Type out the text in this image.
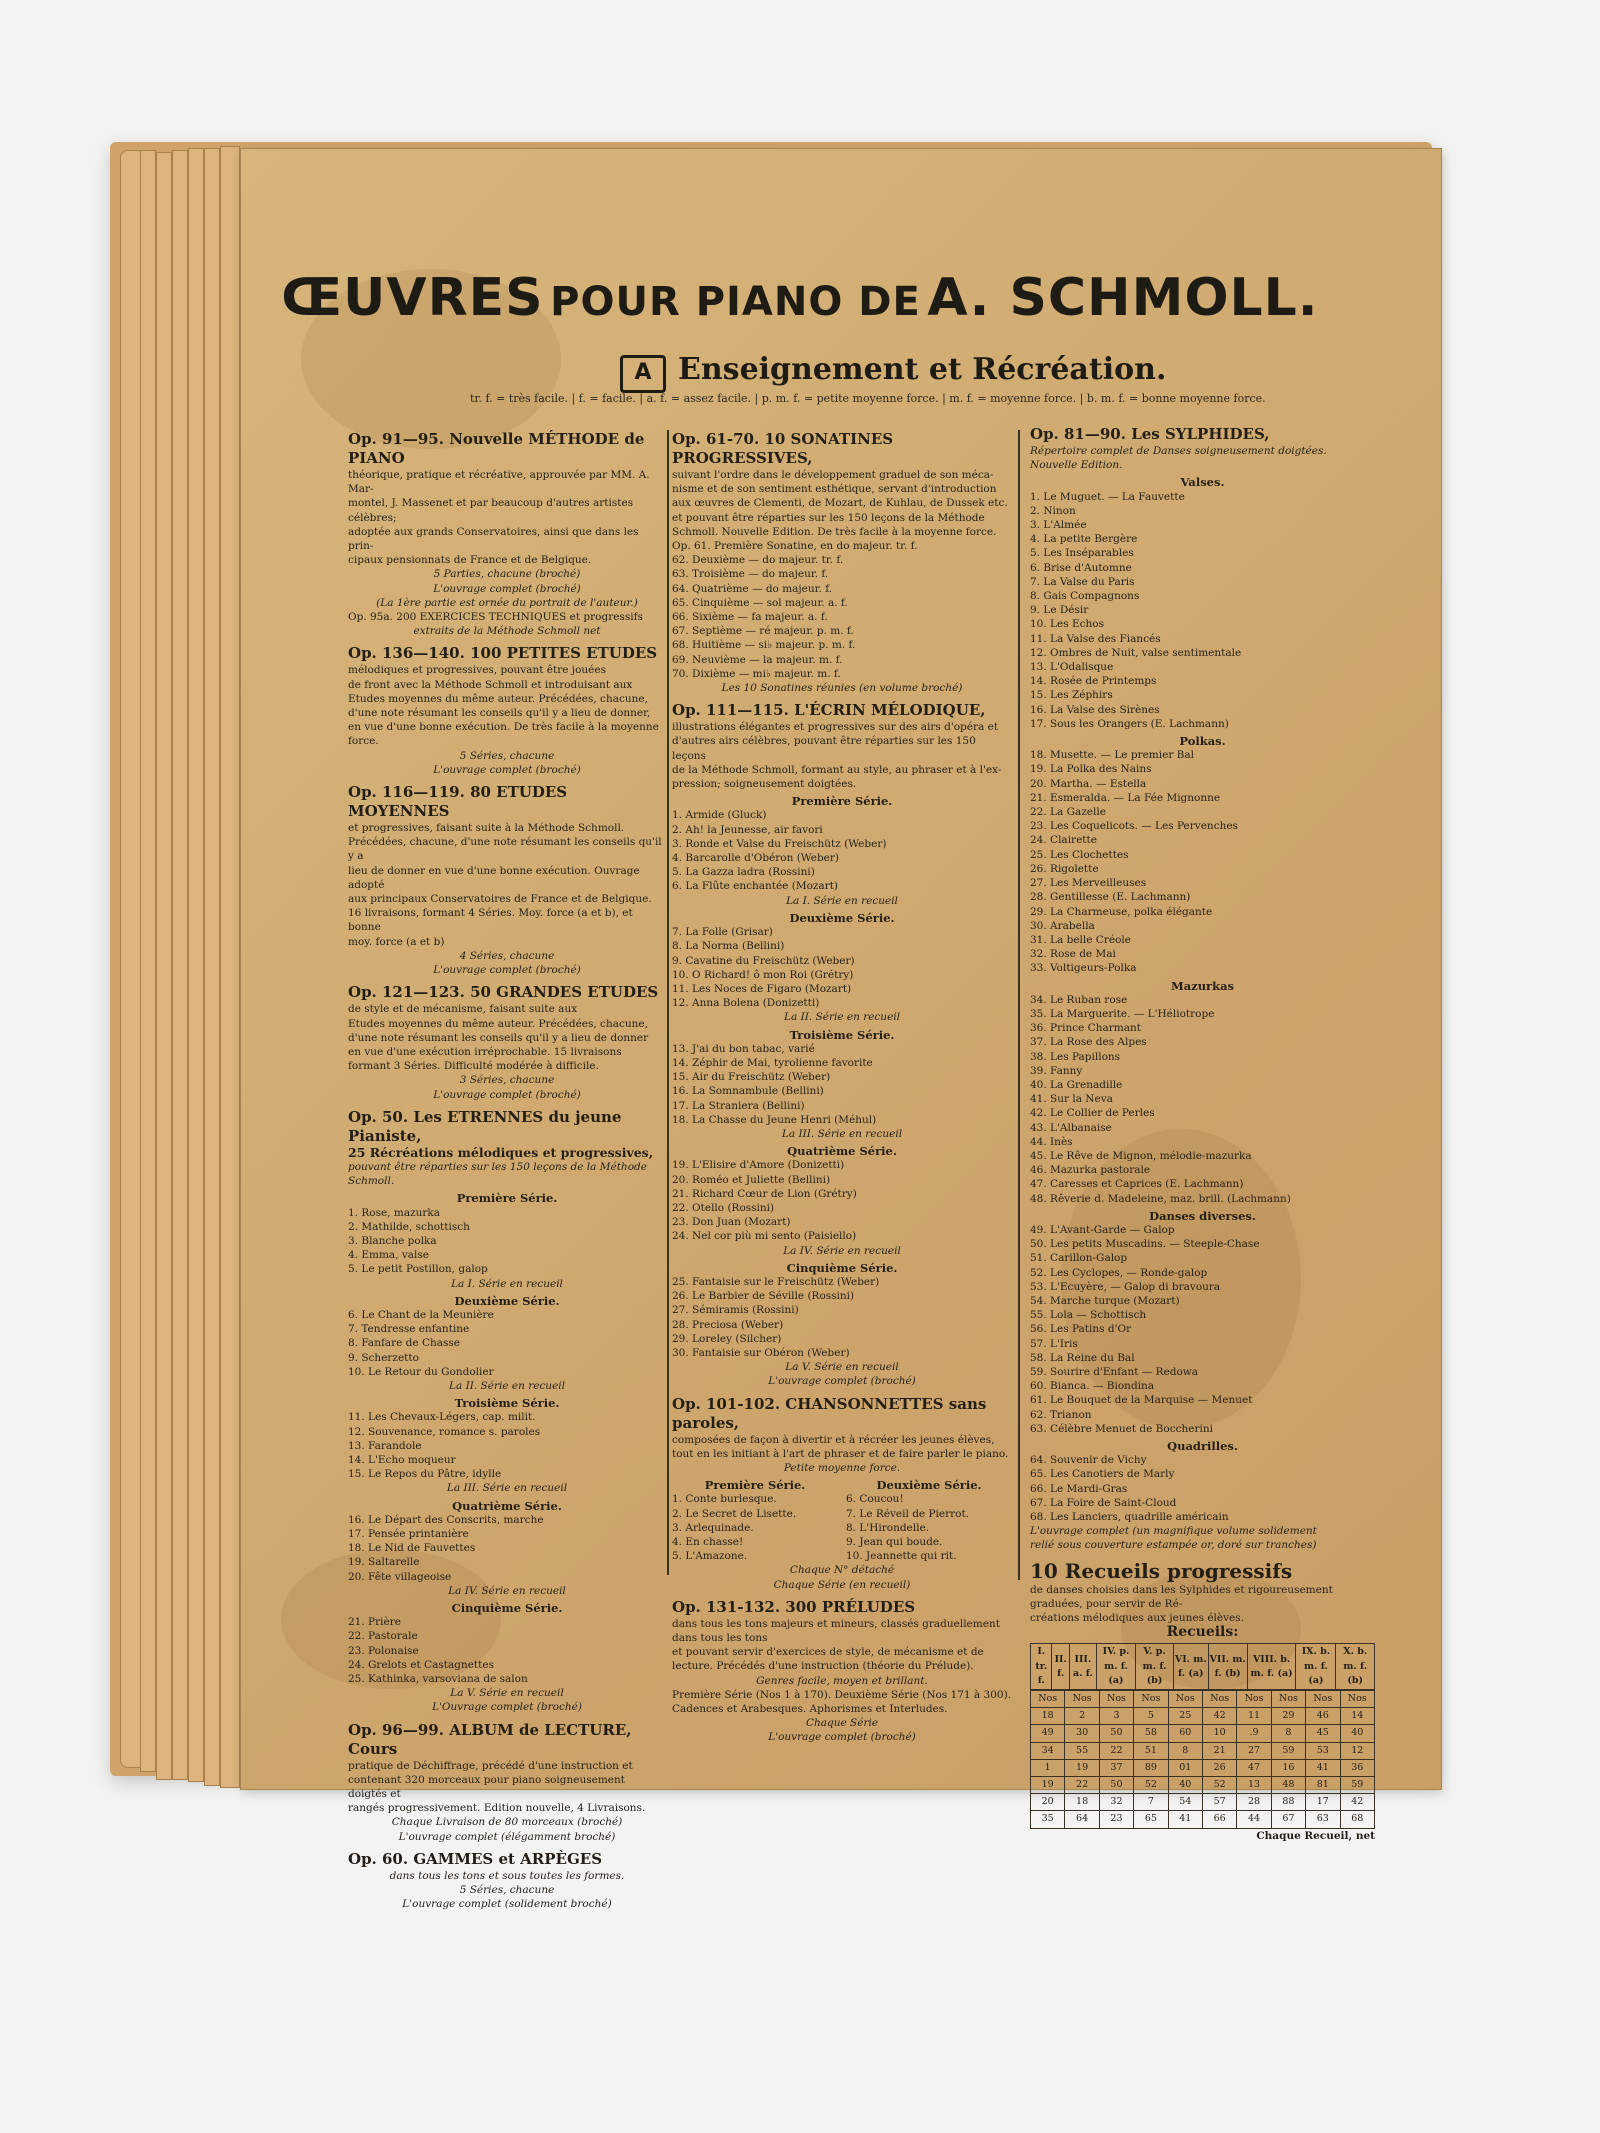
ŒUVRES POUR PIANO DE A. SCHMOLL.
A Enseignement et Récréation.
tr. f. = très facile. | f. = facile. | a. f. = assez facile. | p. m. f. = petite moyenne force. | m. f. = moyenne force. | b. m. f. = bonne moyenne force.

Op. 91—95. Nouvelle MÉTHODE de PIANO

théorique, pratique et récréative, approuvée par MM. A. Mar-

montel, J. Massenet et par beaucoup d'autres artistes célèbres;

adoptée aux grands Conservatoires, ainsi que dans les prin-

cipaux pensionnats de France et de Belgique.

5 Parties, chacune (broché)

L'ouvrage complet (broché)

(La 1ère partie est ornée du portrait de l'auteur.)

Op. 95a. 200 EXERCICES TECHNIQUES et progressifs

extraits de la Méthode Schmoll net

Op. 136—140. 100 PETITES ETUDES

mélodiques et progressives, pouvant être jouées

de front avec la Méthode Schmoll et introduisant aux

Etudes moyennes du même auteur. Précédées, chacune,

d'une note résumant les conseils qu'il y a lieu de donner,

en vue d'une bonne exécution. De très facile à la moyenne

force.

5 Séries, chacune

L'ouvrage complet (broché)

Op. 116—119. 80 ETUDES MOYENNES

et progressives, faisant suite à la Méthode Schmoll.

Précédées, chacune, d'une note résumant les conseils qu'il y a

lieu de donner en vue d'une bonne exécution. Ouvrage adopté

aux principaux Conservatoires de France et de Belgique.

16 livraisons, formant 4 Séries. Moy. force (a et b), et bonne

moy. force (a et b)

4 Séries, chacune

L'ouvrage complet (broché)

Op. 121—123. 50 GRANDES ETUDES

de style et de mécanisme, faisant suite aux

Etudes moyennes du même auteur. Précédées, chacune,

d'une note résumant les conseils qu'il y a lieu de donner

en vue d'une exécution irréprochable. 15 livraisons

formant 3 Séries. Difficulté modérée à difficile.

3 Séries, chacune

L'ouvrage complet (broché)

Op. 50. Les ETRENNES du jeune Pianiste,

25 Récréations mélodiques et progressives,

pouvant être réparties sur les 150 leçons de la Méthode Schmoll.

Première Série.

1. Rose, mazurka

2. Mathilde, schottisch

3. Blanche polka

4. Emma, valse

5. Le petit Postillon, galop

La I. Série en recueil

Deuxième Série.

6. Le Chant de la Meunière

7. Tendresse enfantine

8. Fanfare de Chasse

9. Scherzetto

10. Le Retour du Gondolier

La II. Série en recueil

Troisième Série.

11. Les Chevaux-Légers, cap. milit.

12. Souvenance, romance s. paroles

13. Farandole

14. L'Echo moqueur

15. Le Repos du Pâtre, idylle

La III. Série en recueil

Quatrième Série.

16. Le Départ des Conscrits, marche

17. Pensée printanière

18. Le Nid de Fauvettes

19. Saltarelle

20. Fête villageoise

La IV. Série en recueil

Cinquième Série.

21. Prière

22. Pastorale

23. Polonaise

24. Grelots et Castagnettes

25. Kathinka, varsoviana de salon

La V. Série en recueil

L'Ouvrage complet (broché)

Op. 96—99. ALBUM de LECTURE, Cours

pratique de Déchiffrage, précédé d'une instruction et

contenant 320 morceaux pour piano soigneusement doigtés et

rangés progressivement. Edition nouvelle, 4 Livraisons.

Chaque Livraison de 80 morceaux (broché)

L'ouvrage complet (élégamment broché)

Op. 60. GAMMES et ARPÈGES

dans tous les tons et sous toutes les formes.

5 Séries, chacune

L'ouvrage complet (solidement broché)

Op. 61-70. 10 SONATINES PROGRESSIVES,

suivant l'ordre dans le développement graduel de son méca-

nisme et de son sentiment esthétique, servant d'introduction

aux œuvres de Clementi, de Mozart, de Kuhlau, de Dussek etc.

et pouvant être réparties sur les 150 leçons de la Méthode

Schmoll. Nouvelle Edition. De très facile à la moyenne force.

Op. 61. Première Sonatine, en do majeur. tr. f.

62. Deuxième — do majeur. tr. f.

63. Troisième — do majeur. f.

64. Quatrième — do majeur. f.

65. Cinquième — sol majeur. a. f.

66. Sixième — fa majeur. a. f.

67. Septième — ré majeur. p. m. f.

68. Huitième — si♭ majeur. p. m. f.

69. Neuvième — la majeur. m. f.

70. Dixième — mi♭ majeur. m. f.

Les 10 Sonatines réunies (en volume broché)

Op. 111—115. L'ÉCRIN MÉLODIQUE,

illustrations élégantes et progressives sur des airs d'opéra et

d'autres airs célèbres, pouvant être réparties sur les 150 leçons

de la Méthode Schmoll, formant au style, au phraser et à l'ex-

pression; soigneusement doigtées.

Première Série.

1. Armide (Gluck)

2. Ah! la Jeunesse, air favori

3. Ronde et Valse du Freischütz (Weber)

4. Barcarolle d'Obéron (Weber)

5. La Gazza ladra (Rossini)

6. La Flûte enchantée (Mozart)

La I. Série en recueil

Deuxième Série.

7. La Folle (Grisar)

8. La Norma (Bellini)

9. Cavatine du Freischütz (Weber)

10. O Richard! ô mon Roi (Grétry)

11. Les Noces de Figaro (Mozart)

12. Anna Bolena (Donizetti)

La II. Série en recueil

Troisième Série.

13. J'ai du bon tabac, varié

14. Zéphir de Mai, tyrolienne favorite

15. Air du Freischütz (Weber)

16. La Somnambule (Bellini)

17. La Straniera (Bellini)

18. La Chasse du Jeune Henri (Méhul)

La III. Série en recueil

Quatrième Série.

19. L'Elisire d'Amore (Donizetti)

20. Roméo et Juliette (Bellini)

21. Richard Cœur de Lion (Grétry)

22. Otello (Rossini)

23. Don Juan (Mozart)

24. Nel cor più mi sento (Paisiello)

La IV. Série en recueil

Cinquième Série.

25. Fantaisie sur le Freischütz (Weber)

26. Le Barbier de Séville (Rossini)

27. Sémiramis (Rossini)

28. Preciosa (Weber)

29. Loreley (Silcher)

30. Fantaisie sur Obéron (Weber)

La V. Série en recueil

L'ouvrage complet (broché)

Op. 101-102. CHANSONNETTES sans paroles,

composées de façon à divertir et à récréer les jeunes élèves,

tout en les initiant à l'art de phraser et de faire parler le piano.

Petite moyenne force.

Première Série.

1. Conte burlesque.

2. Le Secret de Lisette.

3. Arlequinade.

4. En chasse!

5. L'Amazone.

Deuxième Série.

6. Coucou!

7. Le Réveil de Pierrot.

8. L'Hirondelle.

9. Jean qui boude.

10. Jeannette qui rit.

Chaque N° détaché

Chaque Série (en recueil)

Op. 131-132. 300 PRÉLUDES

dans tous les tons majeurs et mineurs, classés graduellement dans tous les tons

et pouvant servir d'exercices de style, de mécanisme et de

lecture. Précédés d'une instruction (théorie du Prélude).

Genres facile, moyen et brillant.

Première Série (Nos 1 à 170). Deuxième Série (Nos 171 à 300).

Cadences et Arabesques. Aphorismes et Interludes.

Chaque Série

L'ouvrage complet (broché)

Op. 81—90. Les SYLPHIDES,

Répertoire complet de Danses soigneusement doigtées. Nouvelle Edition.

Valses.

1. Le Muguet. — La Fauvette

2. Ninon

3. L'Almée

4. La petite Bergère

5. Les Inséparables

6. Brise d'Automne

7. La Valse du Paris

8. Gais Compagnons

9. Le Désir

10. Les Echos

11. La Valse des Fiancés

12. Ombres de Nuit, valse sentimentale

13. L'Odalisque

14. Rosée de Printemps

15. Les Zéphirs

16. La Valse des Sirènes

17. Sous les Orangers (E. Lachmann)

Polkas.

18. Musette. — Le premier Bal

19. La Polka des Nains

20. Martha. — Estella

21. Esmeralda. — La Fée Mignonne

22. La Gazelle

23. Les Coquelicots. — Les Pervenches

24. Clairette

25. Les Clochettes

26. Rigolette

27. Les Merveilleuses

28. Gentillesse (E. Lachmann)

29. La Charmeuse, polka élégante

30. Arabella

31. La belle Créole

32. Rose de Mai

33. Voltigeurs-Polka

Mazurkas

34. Le Ruban rose

35. La Marguerite. — L'Héliotrope

36. Prince Charmant

37. La Rose des Alpes

38. Les Papillons

39. Fanny

40. La Grenadille

41. Sur la Neva

42. Le Collier de Perles

43. L'Albanaise

44. Inès

45. Le Rêve de Mignon, mélodie-mazurka

46. Mazurka pastorale

47. Caresses et Caprices (E. Lachmann)

48. Rêverie d. Madeleine, maz. brill. (Lachmann)

Danses diverses.

49. L'Avant-Garde — Galop

50. Les petits Muscadins. — Steeple-Chase

51. Carillon-Galop

52. Les Cyclopes, — Ronde-galop

53. L'Ecuyère, — Galop di bravoura

54. Marche turque (Mozart)

55. Lola — Schottisch

56. Les Patins d'Or

57. L'Iris

58. La Reine du Bal

59. Sourire d'Enfant — Redowa

60. Bianca. — Biondina

61. Le Bouquet de la Marquise — Menuet

62. Trianon

63. Célèbre Menuet de Boccherini

Quadrilles.

64. Souvenir de Vichy

65. Les Canotiers de Marly

66. Le Mardi-Gras

67. La Foire de Saint-Cloud

68. Les Lanciers, quadrille américain

L'ouvrage complet (un magnifique volume solidement

relié sous couverture estampée or, doré sur tranches)

10 Recueils progressifs

de danses choisies dans les Sylphides et rigoureusement graduées, pour servir de Ré-

créations mélodiques aux jeunes élèves.

Recueils:

I. tr. f.	II. f.	III. a. f.	IV. p. m. f. (a)	V. p. m. f. (b)	VI. m. f. (a)	VII. m. f. (b)	VIII. b. m. f. (a)	IX. b. m. f. (a)	X. b. m. f. (b)
Nos	Nos	Nos	Nos	Nos	Nos	Nos	Nos	Nos	Nos
18	2	3	5	25	42	11	29	46	14
49	30	50	58	60	10	.9	8	45	40
34	55	22	51	8	21	27	59	53	12
1	19	37	89	01	26	47	16	41	36
19	22	50	52	40	52	13	48	81	59
20	18	32	7	54	57	28	88	17	42
35	64	23	65	41	66	44	67	63	68

Chaque Recueil, net
